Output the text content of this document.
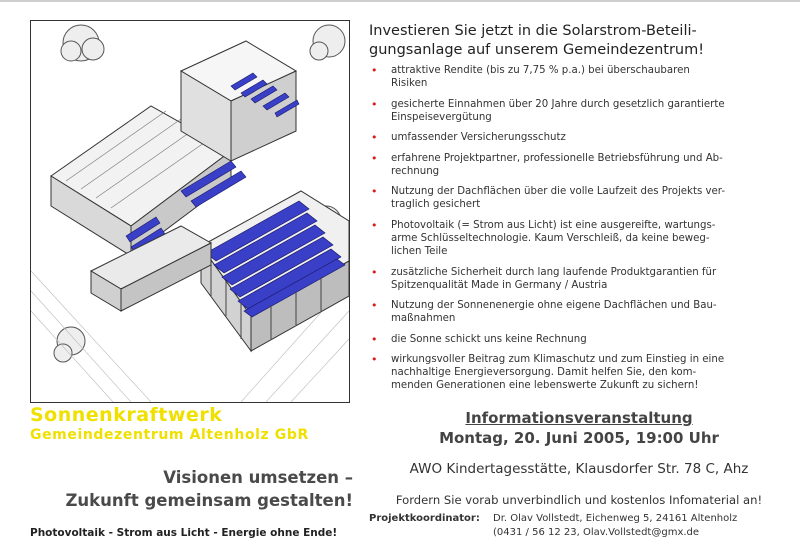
Investieren Sie jetzt in die Solarstrom-Beteili-
gungsanlage auf unserem Gemeindezentrum!
• attraktive Rendite (bis zu 7,75 % p.a.) bei überschaubaren
Risiken
• gesicherte Einnahmen über 20 Jahre durch gesetzlich garantierte
Einspeisevergütung
• umfassender Versicherungsschutz
• erfahrene Projektpartner, professionelle Betriebsführung und Ab-
rechnung
• Nutzung der Dachflächen über die volle Laufzeit des Projekts ver-
traglich gesichert
• Photovoltaik (= Strom aus Licht) ist eine ausgereifte, wartungs-
arme Schlüsseltechnologie. Kaum Verschleiß, da keine beweg-
lichen Teile
• zusätzliche Sicherheit durch lang laufende Produktgarantien für
Spitzenqualität Made in Germany / Austria
• Nutzung der Sonnenenergie ohne eigene Dachflächen und Bau-
maßnahmen
• die Sonne schickt uns keine Rechnung
• wirkungsvoller Beitrag zum Klimaschutz und zum Einstieg in eine
nachhaltige Energieversorgung. Damit helfen Sie, den kom-
menden Generationen eine lebenswerte Zukunft zu sichern!
Sonnenkraftwerk
Gemeindezentrum Altenholz GbR
Visionen umsetzen –
Zukunft gemeinsam gestalten!
Photovoltaik - Strom aus Licht - Energie ohne Ende!
Informationsveranstaltung
Montag, 20. Juni 2005, 19:00 Uhr
AWO Kindertagesstätte, Klausdorfer Str. 78 C, Ahz
Fordern Sie vorab unverbindlich und kostenlos Infomaterial an!
Projektkoordinator: Dr. Olav Vollstedt, Eichenweg 5, 24161 Altenholz
(0431 / 56 12 23, Olav.Vollstedt@gmx.de
